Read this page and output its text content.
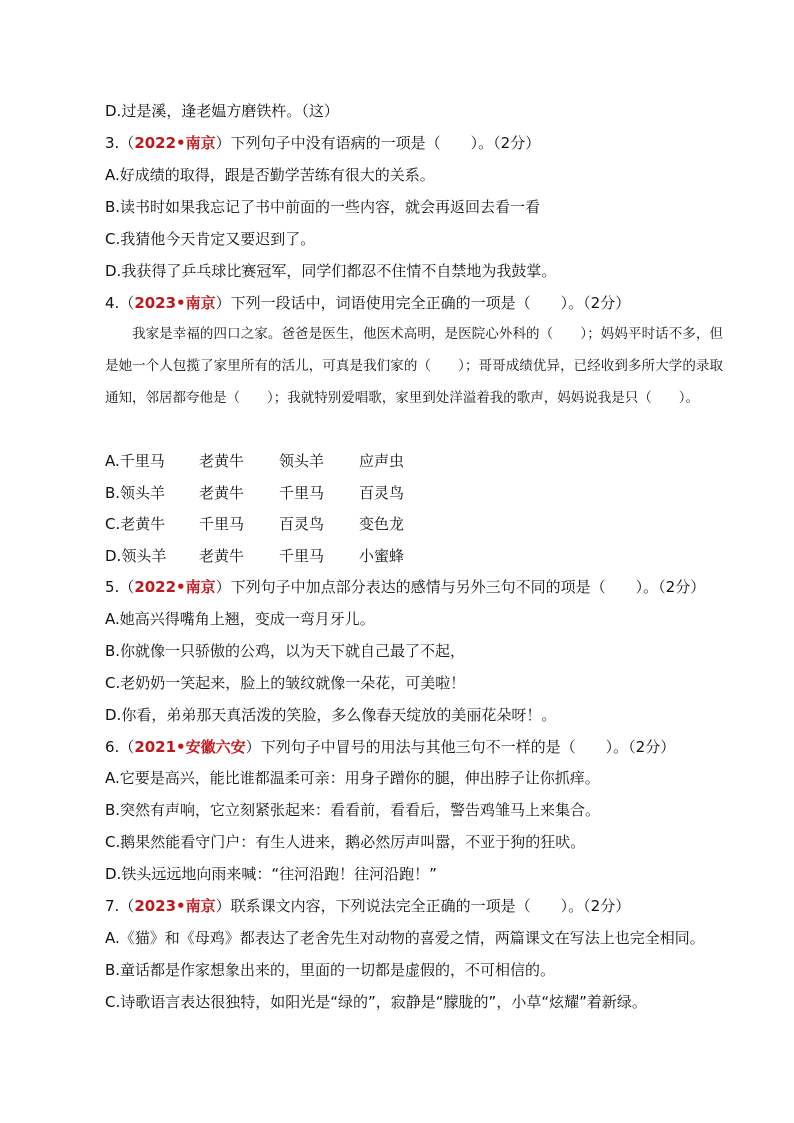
D.过是溪，逢老媪方磨铁杵。（这）
3.（2022•南京）下列句子中没有语病的一项是（　　）。（2分）
A.好成绩的取得，跟是否勤学苦练有很大的关系。
B.读书时如果我忘记了书中前面的一些内容，就会再返回去看一看
C.我猜他今天肯定又要迟到了。
D.我获得了乒乓球比赛冠军，同学们都忍不住情不自禁地为我鼓掌。
4.（2023•南京）下列一段话中，词语使用完全正确的一项是（　　）。（2分）

我家是幸福的四口之家。爸爸是医生，他医术高明，是医院心外科的（　　）；妈妈平时话不多，但是她一个人包揽了家里所有的活儿，可真是我们家的（　　）；哥哥成绩优异，已经收到多所大学的录取通知，邻居都夸他是（　　）；我就特别爱唱歌，家里到处洋溢着我的歌声，妈妈说我是只（　　）。

A.千里马 老黄牛 领头羊 应声虫
B.领头羊 老黄牛 千里马 百灵鸟
C.老黄牛 千里马 百灵鸟 变色龙
D.领头羊 老黄牛 千里马 小蜜蜂
5.（2022•南京）下列句子中加点部分表达的感情与另外三句不同的项是（　　）。（2分）
A.她高兴得嘴角上翘，变成一弯月牙儿。
B.你就像一只骄傲的公鸡，以为天下就自己最了不起，
C.老奶奶一笑起来，脸上的皱纹就像一朵花，可美啦！
D.你看，弟弟那天真活泼的笑脸，多么像春天绽放的美丽花朵呀！。
6.（2021•安徽六安）下列句子中冒号的用法与其他三句不一样的是（　　）。（2分）
A.它要是高兴，能比谁都温柔可亲：用身子蹭你的腿，伸出脖子让你抓痒。
B.突然有声响，它立刻紧张起来：看看前，看看后，警告鸡雏马上来集合。
C.鹅果然能看守门户：有生人进来，鹅必然厉声叫嚣，不亚于狗的狂吠。
D.铁头远远地向雨来喊：“往河沿跑！往河沿跑！”
7.（2023•南京）联系课文内容，下列说法完全正确的一项是（　　）。（2分）
A.《猫》和《母鸡》都表达了老舍先生对动物的喜爱之情，两篇课文在写法上也完全相同。
B.童话都是作家想象出来的，里面的一切都是虚假的，不可相信的。
C.诗歌语言表达很独特，如阳光是“绿的”，寂静是“朦胧的”，小草“炫耀”着新绿。
